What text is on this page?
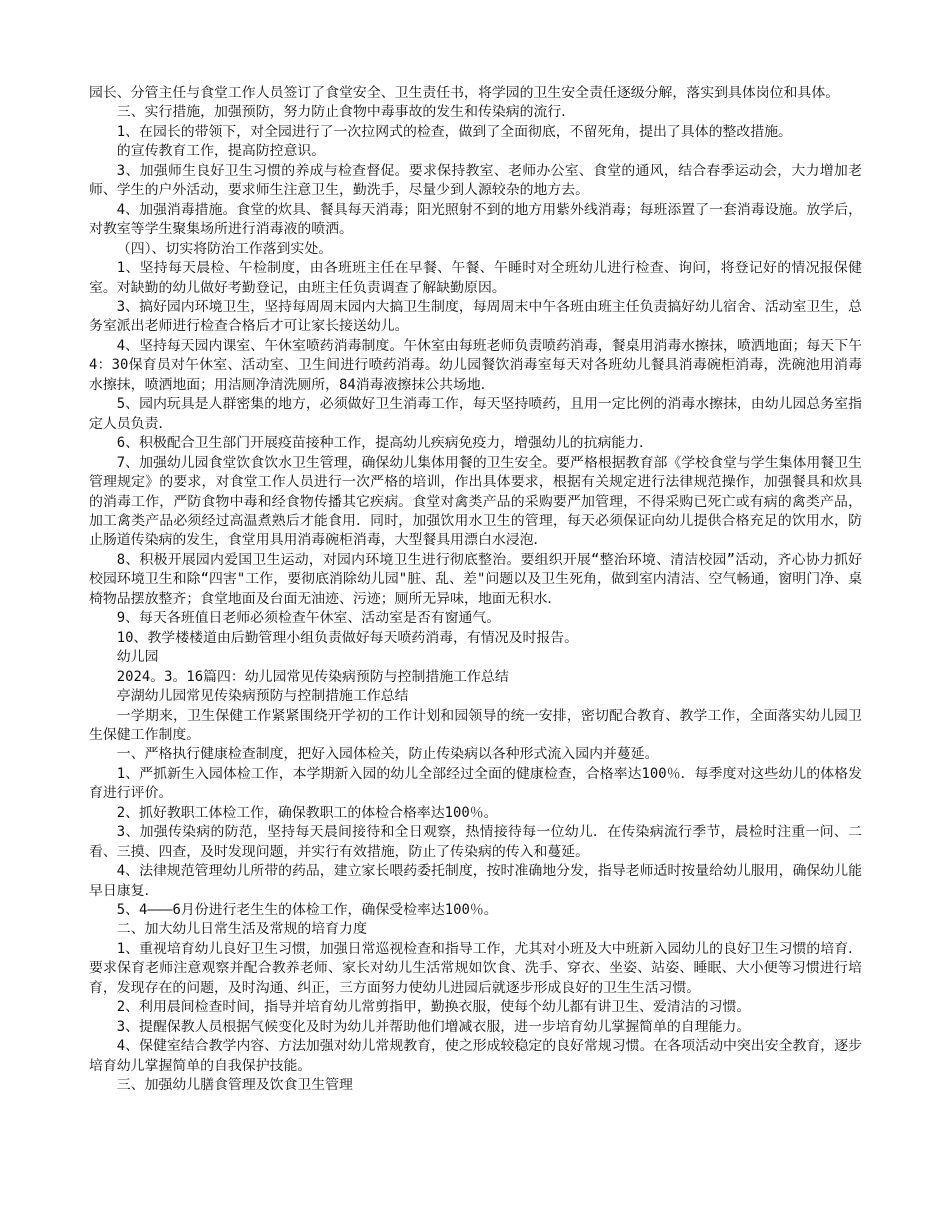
园长、分管主任与食堂工作人员签订了食堂安全、卫生责任书，将学园的卫生安全责任逐级分解，落实到具体岗位和具体。

三、实行措施，加强预防，努力防止食物中毒事故的发生和传染病的流行．

1、在园长的带领下，对全园进行了一次拉网式的检查，做到了全面彻底，不留死角，提出了具体的整改措施。

的宣传教育工作，提高防控意识。

3、加强师生良好卫生习惯的养成与检查督促。要求保持教室、老师办公室、食堂的通风，结合春季运动会，大力增加老师、学生的户外活动，要求师生注意卫生，勤洗手，尽量少到人源较杂的地方去。

4、加强消毒措施。食堂的炊具、餐具每天消毒；阳光照射不到的地方用紫外线消毒；每班添置了一套消毒设施。放学后，对教室等学生聚集场所进行消毒液的喷洒。

（四）、切实将防治工作落到实处。

1、坚持每天晨检、午检制度，由各班班主任在早餐、午餐、午睡时对全班幼儿进行检查、询问，将登记好的情况报保健室。对缺勤的幼儿做好考勤登记，由班主任负责调查了解缺勤原因。

3、搞好园内环境卫生，坚持每周周末园内大搞卫生制度，每周周末中午各班由班主任负责搞好幼儿宿舍、活动室卫生，总务室派出老师进行检查合格后才可让家长接送幼儿。

4、坚持每天园内课室、午休室喷药消毒制度。午休室由每班老师负责喷药消毒，餐桌用消毒水擦抹，喷洒地面；每天下午4：30保育员对午休室、活动室、卫生间进行喷药消毒。幼儿园餐饮消毒室每天对各班幼儿餐具消毒碗柜消毒，洗碗池用消毒水擦抹，喷洒地面；用洁厕净清洗厕所，84消毒液擦抹公共场地．

5、园内玩具是人群密集的地方，必须做好卫生消毒工作，每天坚持喷药，且用一定比例的消毒水擦抹，由幼儿园总务室指定人员负责．

6、积极配合卫生部门开展疫苗接种工作，提高幼儿疾病免疫力，增强幼儿的抗病能力．

7、加强幼儿园食堂饮食饮水卫生管理，确保幼儿集体用餐的卫生安全。要严格根据教育部《学校食堂与学生集体用餐卫生管理规定》的要求，对食堂工作人员进行一次严格的培训，作出具体要求，根据有关规定进行法律规范操作，加强餐具和炊具的消毒工作，严防食物中毒和经食物传播其它疾病。食堂对禽类产品的采购要严加管理，不得采购已死亡或有病的禽类产品，加工禽类产品必须经过高温煮熟后才能食用．同时，加强饮用水卫生的管理，每天必须保证向幼儿提供合格充足的饮用水，防止肠道传染病的发生，食堂用具用消毒碗柜消毒，大型餐具用漂白水浸泡．

8、积极开展园内爱国卫生运动，对园内环境卫生进行彻底整治。要组织开展“整治环境、清洁校园”活动，齐心协力抓好校园环境卫生和除“四害"工作，要彻底消除幼儿园"脏、乱、差"问题以及卫生死角，做到室内清洁、空气畅通，窗明门净、桌椅物品摆放整齐；食堂地面及台面无油迹、污迹；厕所无异味，地面无积水．

9、每天各班值日老师必须检查午休室、活动室是否有窗通气。

10、教学楼楼道由后勤管理小组负责做好每天喷药消毒，有情况及时报告。

幼儿园

2024。3。16篇四：幼儿园常见传染病预防与控制措施工作总结

亭湖幼儿园常见传染病预防与控制措施工作总结

一学期来，卫生保健工作紧紧围绕开学初的工作计划和园领导的统一安排，密切配合教育、教学工作，全面落实幼儿园卫生保健工作制度。

一、严格执行健康检查制度，把好入园体检关，防止传染病以各种形式流入园内并蔓延。

1、严抓新生入园体检工作，本学期新入园的幼儿全部经过全面的健康检查，合格率达100％．每季度对这些幼儿的体格发育进行评价。

2、抓好教职工体检工作，确保教职工的体检合格率达100％。

3、加强传染病的防范，坚持每天晨间接待和全日观察，热情接待每一位幼儿．在传染病流行季节，晨检时注重一问、二看、三摸、四查，及时发现问题，并实行有效措施，防止了传染病的传入和蔓延。

4、法律规范管理幼儿所带的药品，建立家长喂药委托制度，按时准确地分发，指导老师适时按量给幼儿服用，确保幼儿能早日康复．

5、4———6月份进行老生生的体检工作，确保受检率达100％。

二、加大幼儿日常生活及常规的培育力度

1、重视培育幼儿良好卫生习惯，加强日常巡视检查和指导工作，尤其对小班及大中班新入园幼儿的良好卫生习惯的培育．要求保育老师注意观察并配合教养老师、家长对幼儿生活常规如饮食、洗手、穿衣、坐姿、站姿、睡眠、大小便等习惯进行培育，发现存在的问题，及时沟通、纠正，三方面努力使幼儿进园后就逐步形成良好的卫生生活习惯。

2、利用晨间检查时间，指导并培育幼儿常剪指甲，勤换衣服，使每个幼儿都有讲卫生、爱清洁的习惯。

3、提醒保教人员根据气候变化及时为幼儿并帮助他们增减衣服，进一步培育幼儿掌握简单的自理能力。

4、保健室结合教学内容、方法加强对幼儿常规教育，使之形成较稳定的良好常规习惯。在各项活动中突出安全教育，逐步培育幼儿掌握简单的自我保护技能。

三、加强幼儿膳食管理及饮食卫生管理
